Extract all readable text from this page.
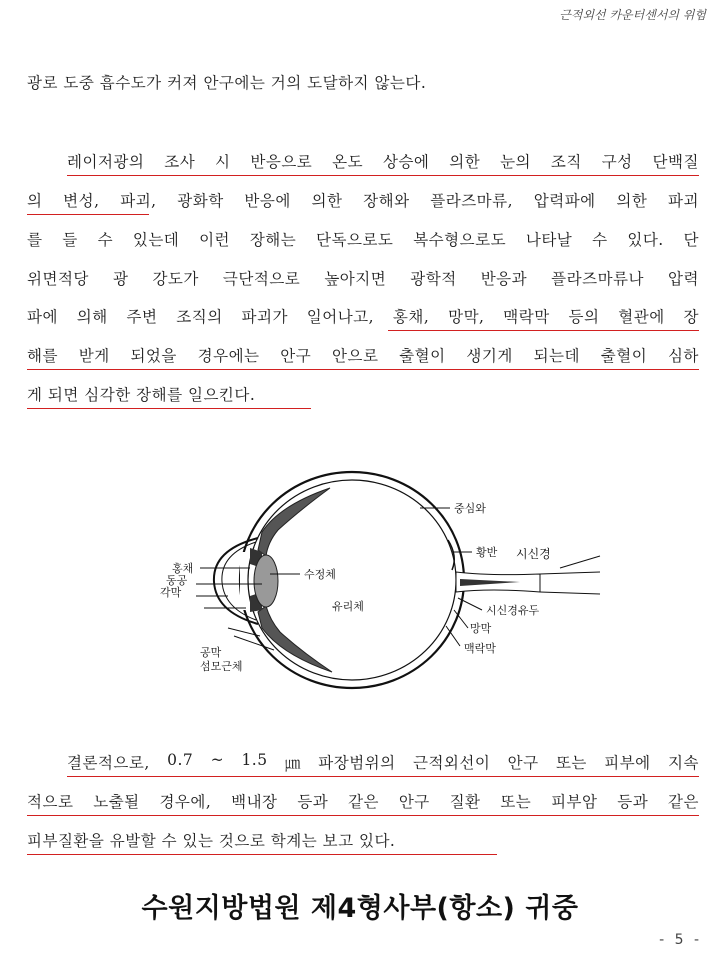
근적외선 카운터센서의 위험
광로 도중 흡수도가 커져 안구에는 거의 도달하지 않는다.
레이저광의 조사 시 반응으로 온도 상승에 의한 눈의 조직 구성 단백질
의 변성, 파괴, 광화학 반응에 의한 장해와 플라즈마류, 압력파에 의한 파괴
를 들 수 있는데 이런 장해는 단독으로도 복수형으로도 나타날 수 있다. 단
위면적당 광 강도가 극단적으로 높아지면 광학적 반응과 플라즈마류나 압력
파에 의해 주변 조직의 파괴가 일어나고, 홍채, 망막, 맥락막 등의 혈관에 장
해를 받게 되었을 경우에는 안구 안으로 출혈이 생기게 되는데 출혈이 심하
게 되면 심각한 장해를 일으킨다.
중심와
황반 시신경
홍채
동공
각막
수정체
유리체	시신경유두
망막
공막
섬모근체
맥락막
결론적으로, 0.7 ~ 1.5 ㎛ 파장범위의 근적외선이 안구 또는 피부에 지속
적으로 노출될 경우에, 백내장 등과 같은 안구 질환 또는 피부암 등과 같은
피부질환을 유발할 수 있는 것으로 학계는 보고 있다.
수원지방법원 제4형사부(항소) 귀중
- 5 -
